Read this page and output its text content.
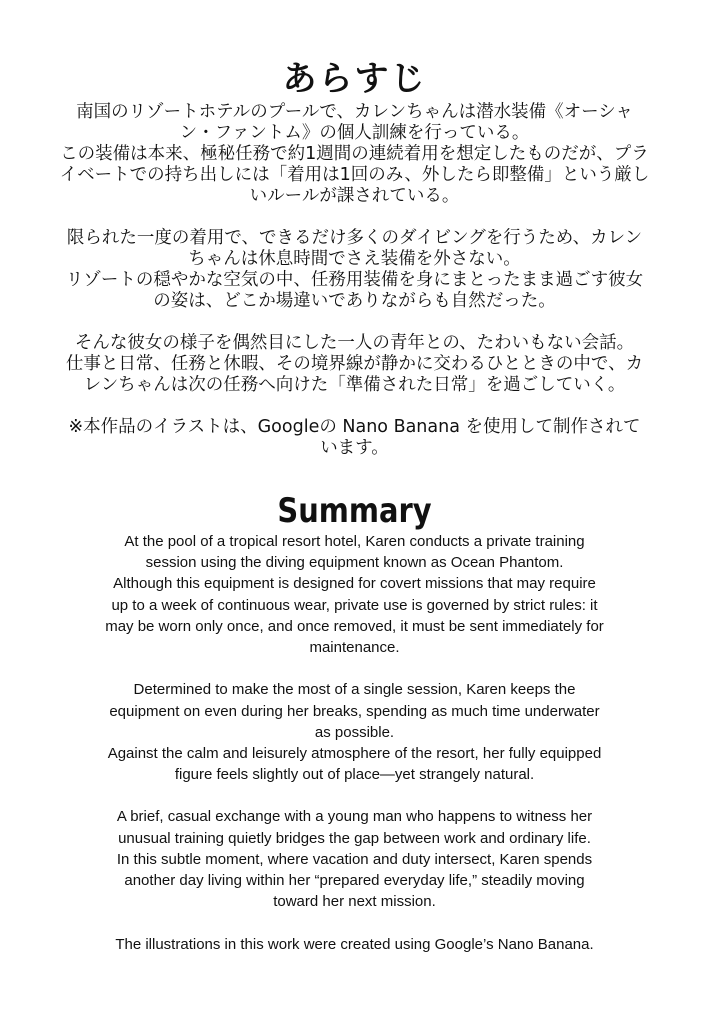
あらすじ
南国のリゾートホテルのプールで、カレンちゃんは潜水装備《オーシャ
ン・ファントム》の個人訓練を行っている。
この装備は本来、極秘任務で約1週間の連続着用を想定したものだが、プラ
イベートでの持ち出しには「着用は1回のみ、外したら即整備」という厳し
いルールが課されている。
限られた一度の着用で、できるだけ多くのダイビングを行うため、カレン
ちゃんは休息時間でさえ装備を外さない。
リゾートの穏やかな空気の中、任務用装備を身にまとったまま過ごす彼女
の姿は、どこか場違いでありながらも自然だった。
そんな彼女の様子を偶然目にした一人の青年との、たわいもない会話。
仕事と日常、任務と休暇、その境界線が静かに交わるひとときの中で、カ
レンちゃんは次の任務へ向けた「準備された日常」を過ごしていく。
※本作品のイラストは、Googleの Nano Banana を使用して制作されて
います。
Summary
At the pool of a tropical resort hotel, Karen conducts a private training
session using the diving equipment known as Ocean Phantom.
Although this equipment is designed for covert missions that may require
up to a week of continuous wear, private use is governed by strict rules: it
may be worn only once, and once removed, it must be sent immediately for
maintenance.
Determined to make the most of a single session, Karen keeps the
equipment on even during her breaks, spending as much time underwater
as possible.
Against the calm and leisurely atmosphere of the resort, her fully equipped
figure feels slightly out of place—yet strangely natural.
A brief, casual exchange with a young man who happens to witness her
unusual training quietly bridges the gap between work and ordinary life.
In this subtle moment, where vacation and duty intersect, Karen spends
another day living within her “prepared everyday life,” steadily moving
toward her next mission.
The illustrations in this work were created using Google’s Nano Banana.
